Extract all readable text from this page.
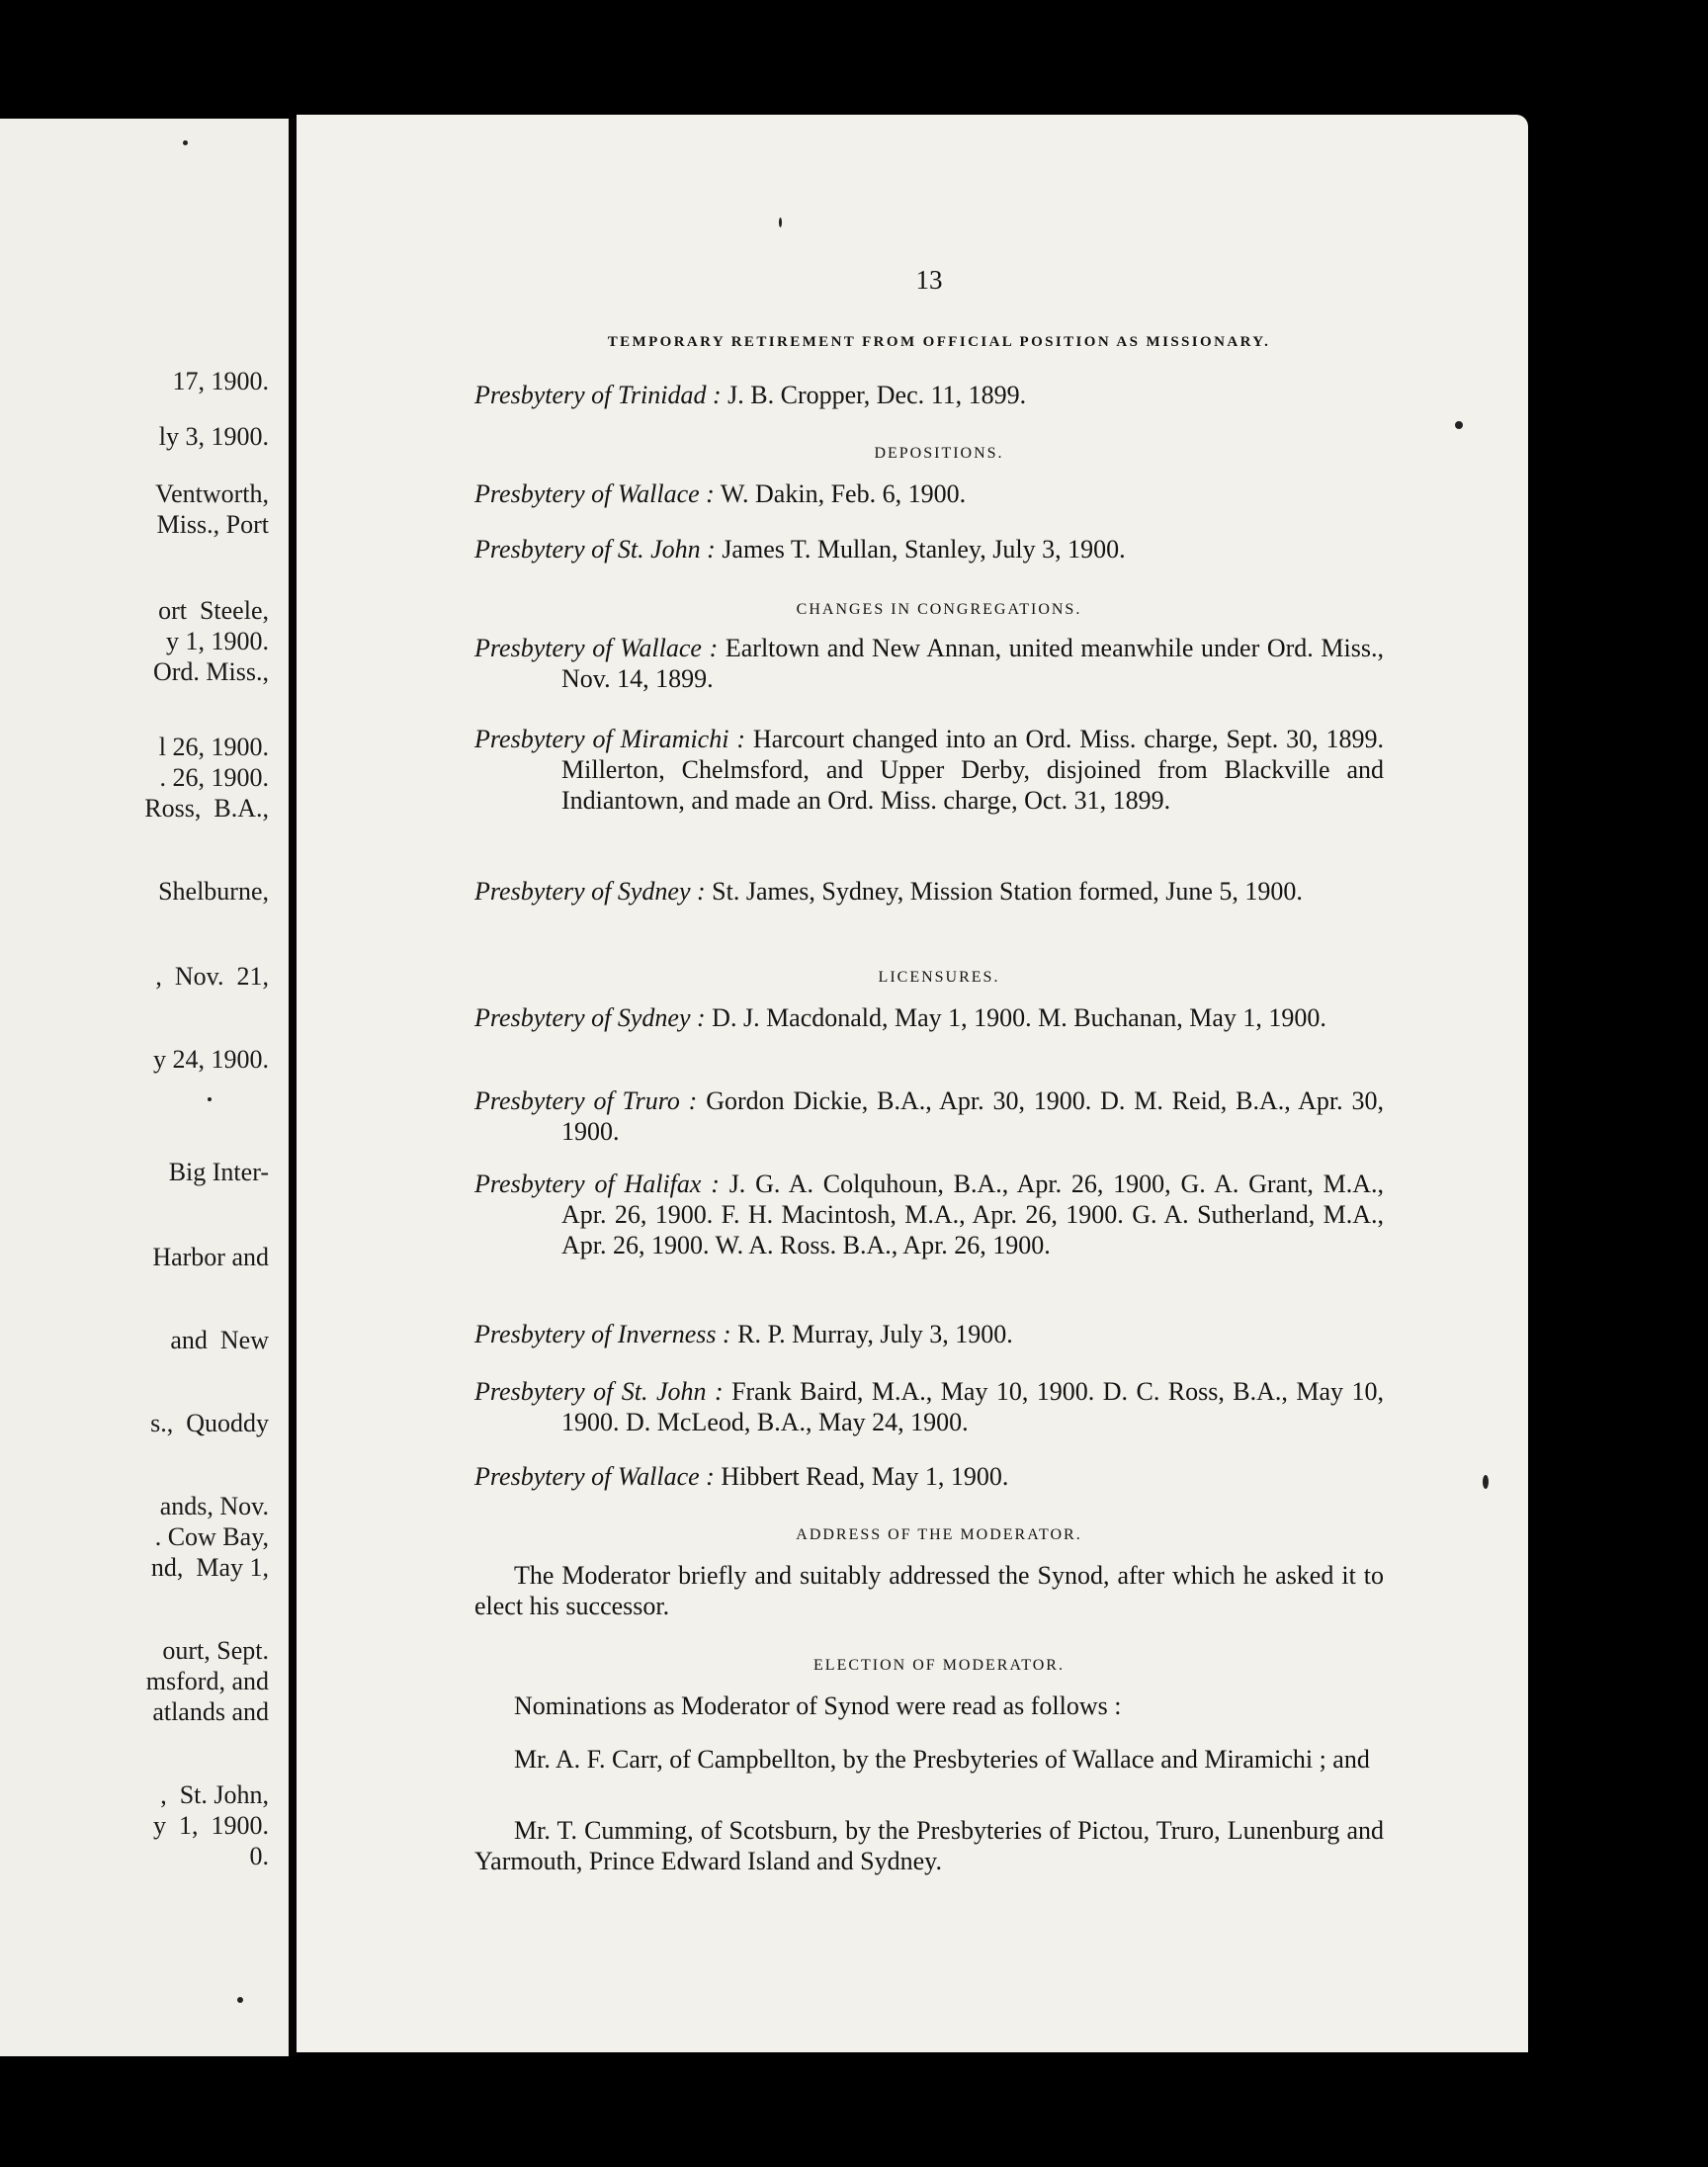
17, 1900.
ly 3, 1900.
Ventworth,
Miss., Port
ort  Steele,
y 1, 1900.
Ord. Miss.,
l 26, 1900.
. 26, 1900.
Ross,  B.A.,
Shelburne,
,  Nov.  21,
y 24, 1900.
Big Inter-
Harbor and
and  New
s.,  Quoddy
ands, Nov.
. Cow Bay,
nd,  May 1,
ourt, Sept.
msford, and
atlands and
,  St. John,
y  1,  1900.
0.
13
TEMPORARY RETIREMENT FROM OFFICIAL POSITION AS MISSIONARY.
Presbytery of Trinidad : J. B. Cropper, Dec. 11, 1899.
DEPOSITIONS.
Presbytery of Wallace : W. Dakin, Feb. 6, 1900.
Presbytery of St. John : James T. Mullan, Stanley, July 3, 1900.
CHANGES IN CONGREGATIONS.
Presbytery of Wallace : Earltown and New Annan, united meanwhile under Ord. Miss., Nov. 14, 1899.
Presbytery of Miramichi : Harcourt changed into an Ord. Miss. charge, Sept. 30, 1899. Millerton, Chelmsford, and Upper Derby, disjoined from Blackville and Indiantown, and made an Ord. Miss. charge, Oct. 31, 1899.
Presbytery of Sydney : St. James, Sydney, Mission Station formed, June 5, 1900.
LICENSURES.
Presbytery of Sydney : D. J. Macdonald, May 1, 1900. M. Buchanan, May 1, 1900.
Presbytery of Truro : Gordon Dickie, B.A., Apr. 30, 1900. D. M. Reid, B.A., Apr. 30, 1900.
Presbytery of Halifax : J. G. A. Colquhoun, B.A., Apr. 26, 1900, G. A. Grant, M.A., Apr. 26, 1900. F. H. Macintosh, M.A., Apr. 26, 1900. G. A. Sutherland, M.A., Apr. 26, 1900. W. A. Ross. B.A., Apr. 26, 1900.
Presbytery of Inverness : R. P. Murray, July 3, 1900.
Presbytery of St. John : Frank Baird, M.A., May 10, 1900. D. C. Ross, B.A., May 10, 1900. D. McLeod, B.A., May 24, 1900.
Presbytery of Wallace : Hibbert Read, May 1, 1900.
ADDRESS OF THE MODERATOR.
The Moderator briefly and suitably addressed the Synod, after which he asked it to elect his successor.
ELECTION OF MODERATOR.
Nominations as Moderator of Synod were read as follows :
Mr. A. F. Carr, of Campbellton, by the Presbyteries of Wallace and Miramichi ; and
Mr. T. Cumming, of Scotsburn, by the Presbyteries of Pictou, Truro, Lunenburg and Yarmouth, Prince Edward Island and Sydney.
